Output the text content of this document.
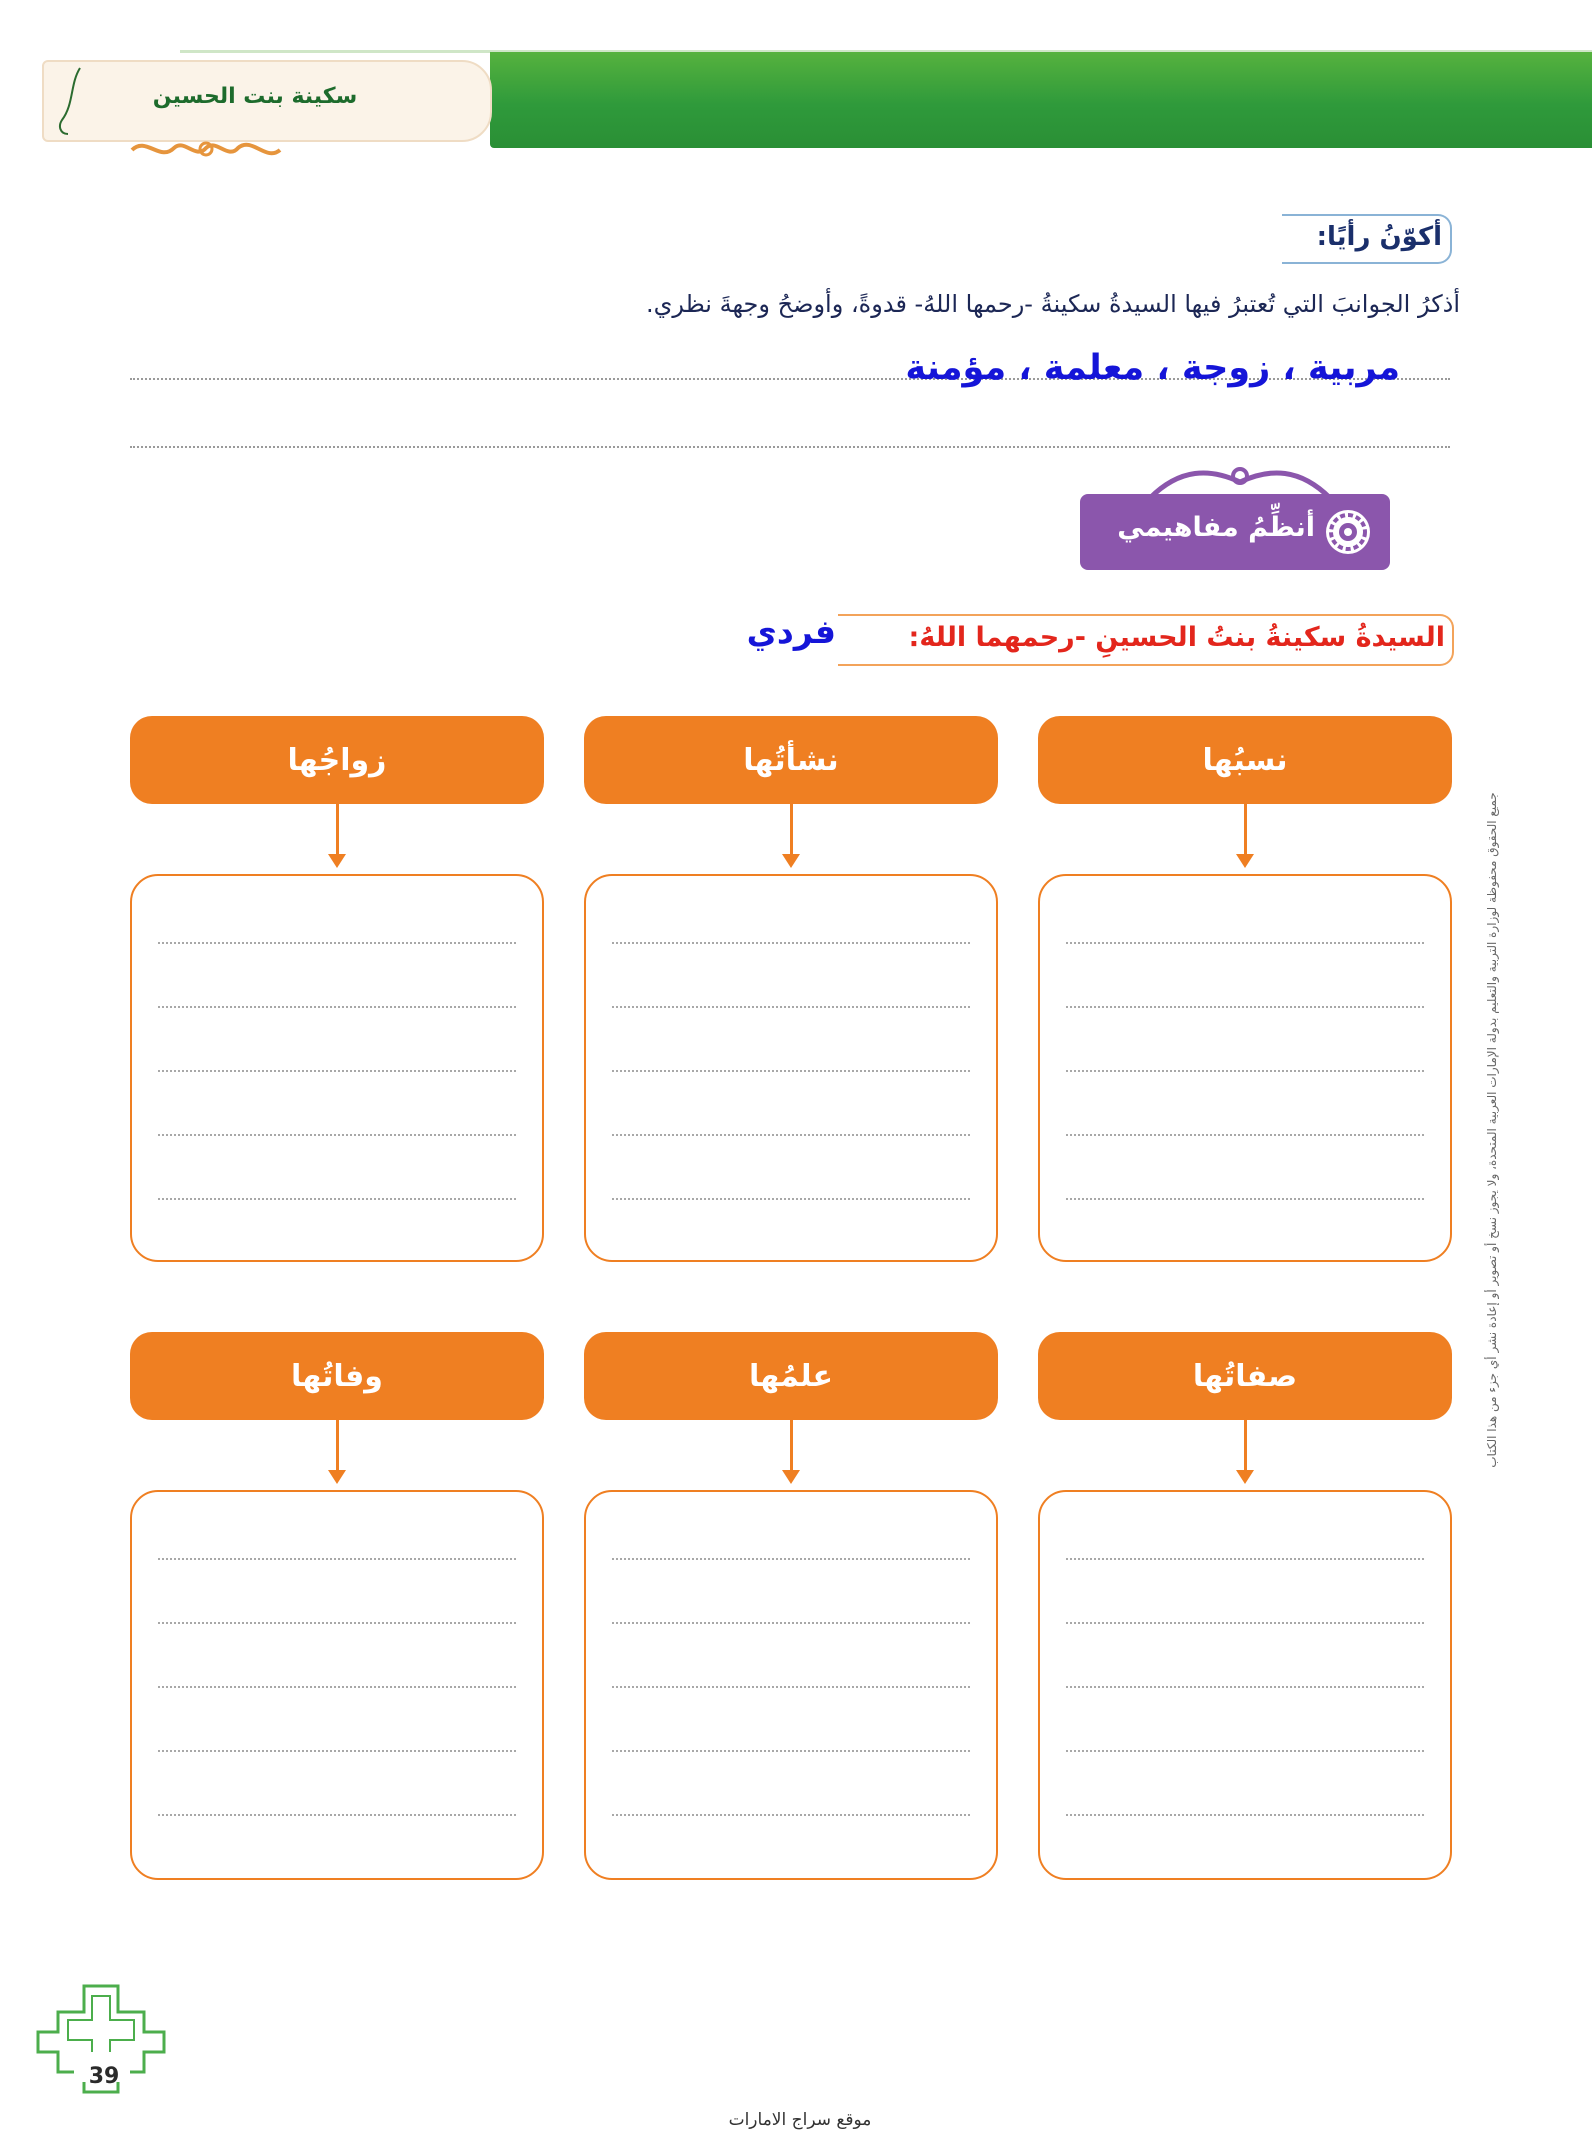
سكينة بنت الحسين
أكوّنُ رأيًا:
أذكرُ الجوانبَ التي تُعتبرُ فيها السيدةُ سكينةُ -رحمها اللهُ- قدوةً، وأوضحُ وجهةَ نظري.
مربية ، زوجة ، معلمة ، مؤمنة
أنظِّمُ مفاهيمي
السيدةُ سكينةُ بنتُ الحسينِ -رحمهما اللهُ:
فردي
نسبُها
نشأتُها
زواجُها
صفاتُها
علمُها
وفاتُها	جميع الحقوق محفوظة لوزارة التربية والتعليم بدولة الإمارات العربية المتحدة، ولا يجوز نسخ أو تصوير أو إعادة نشر أي جزء من هذا الكتاب
39
موقع سراج الامارات
